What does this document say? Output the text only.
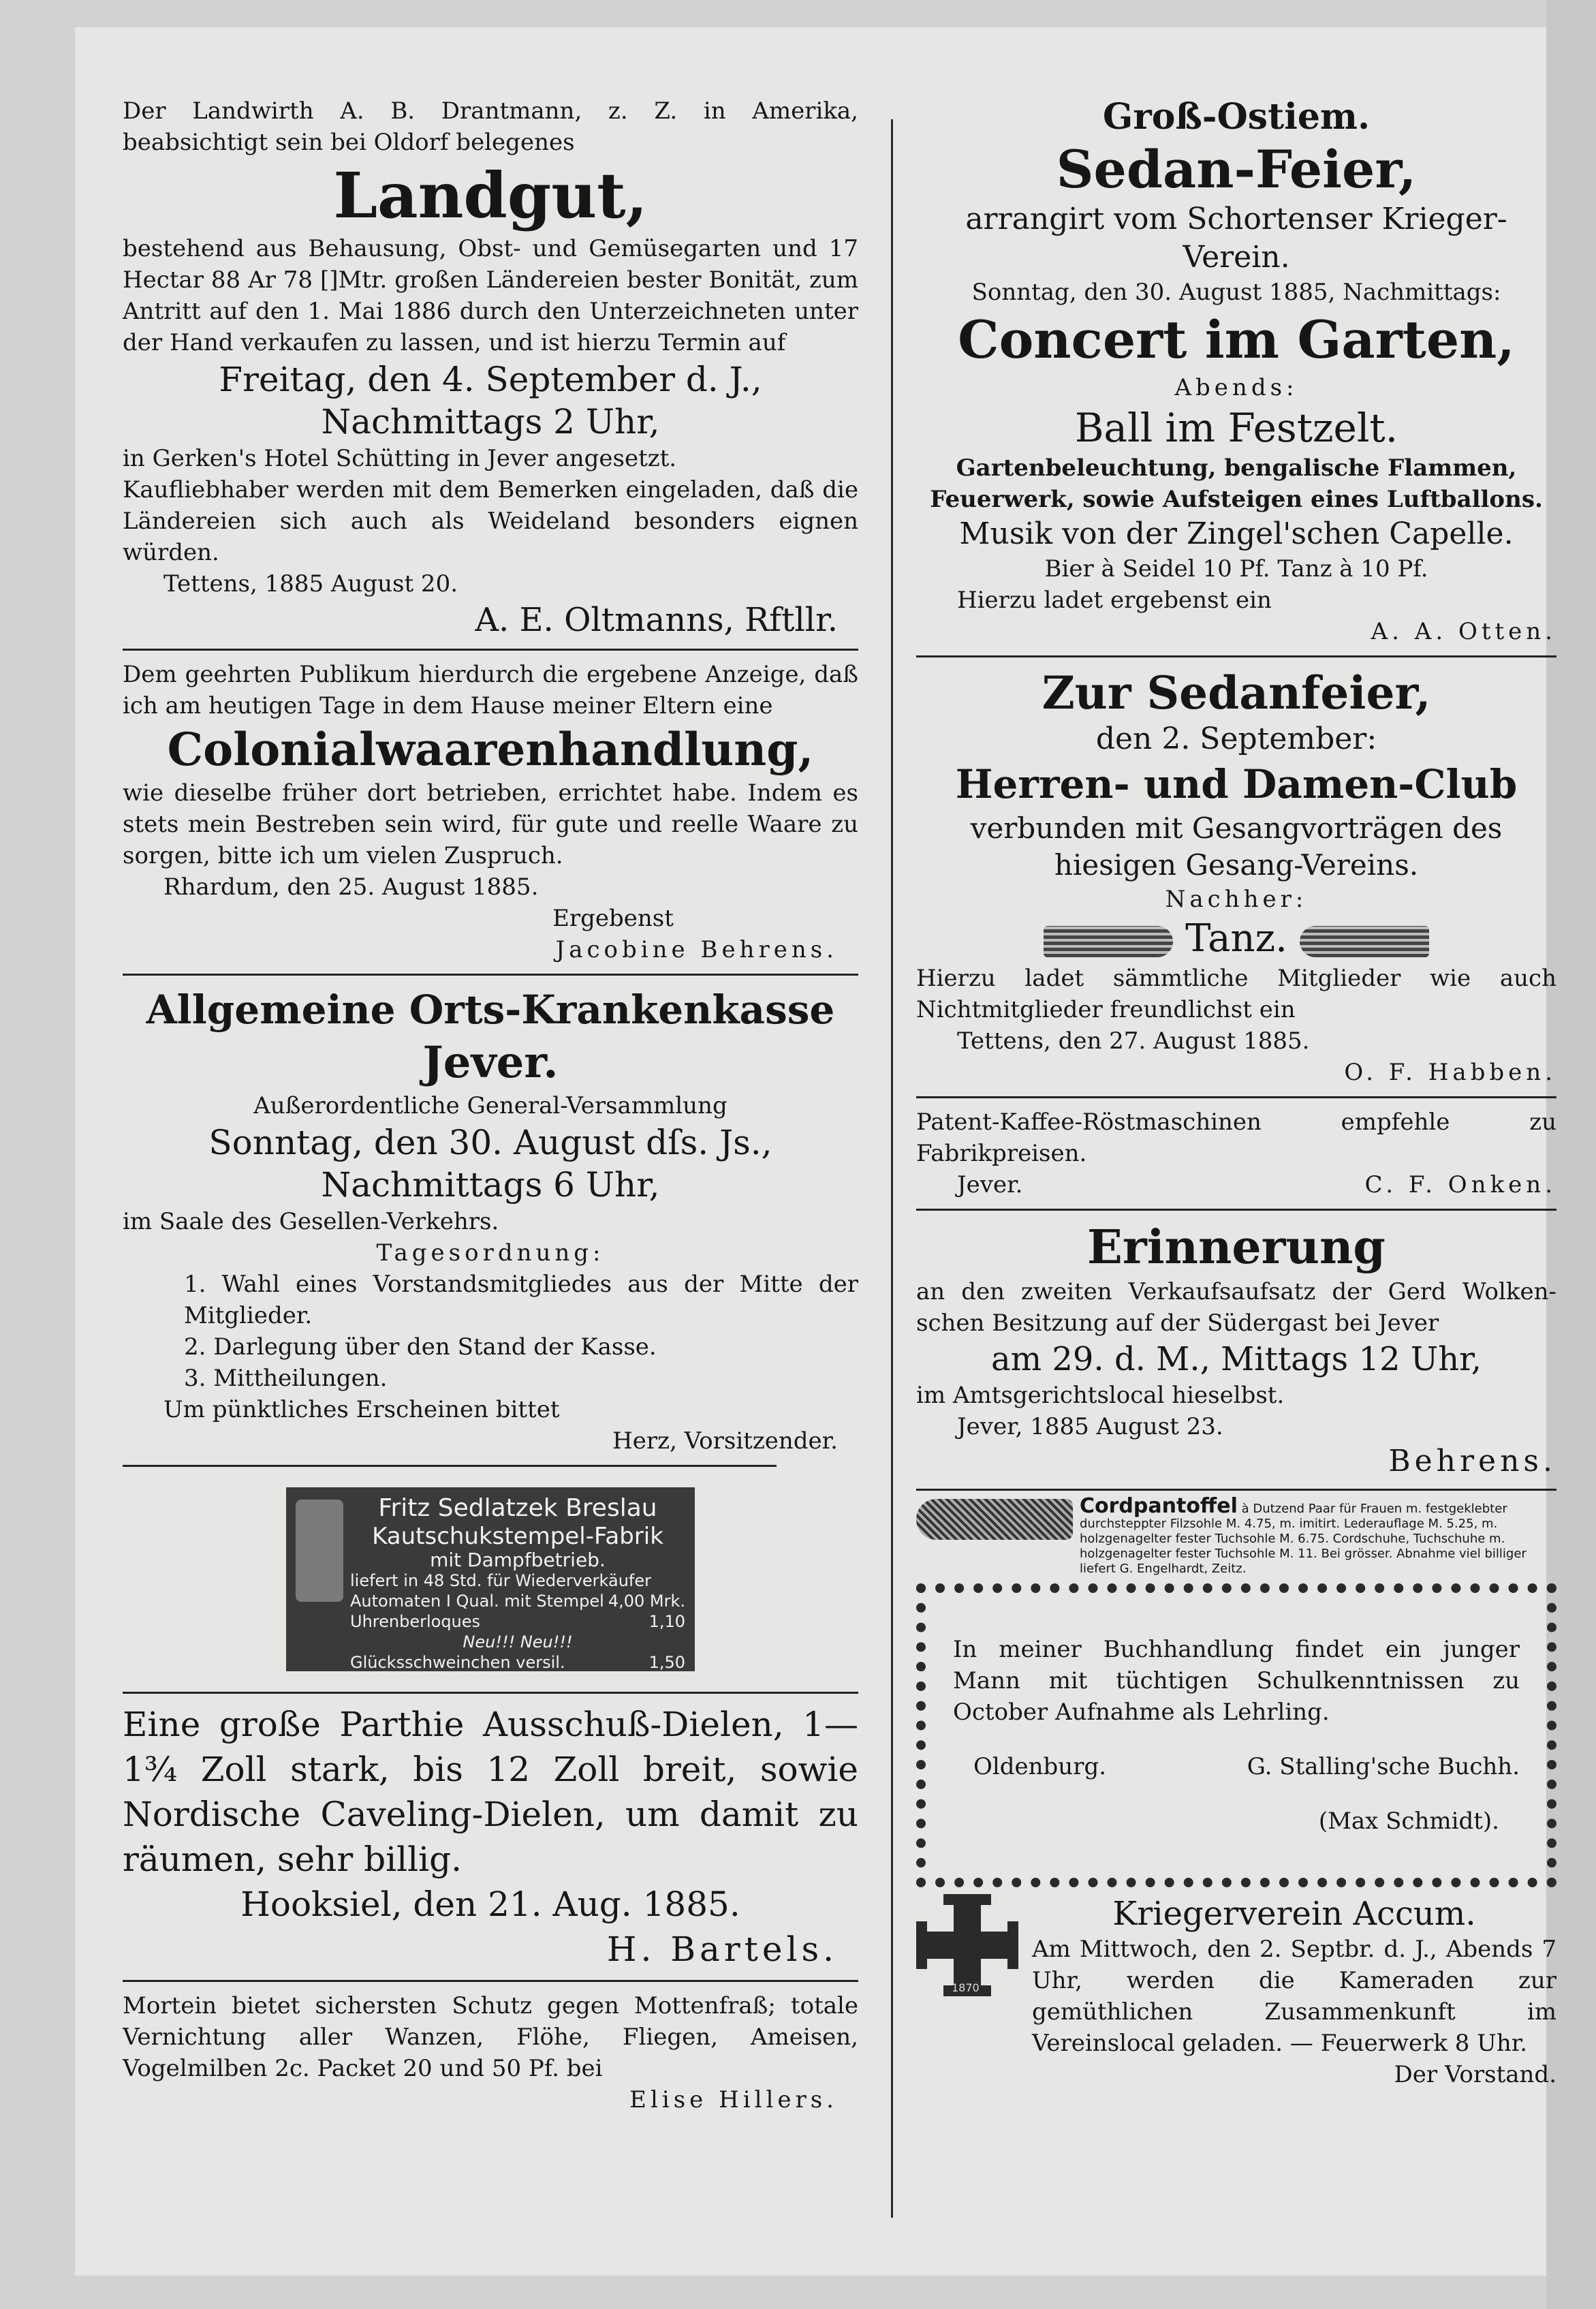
Der Landwirth A. B. Drantmann, z. Z. in Amerika, beabsichtigt sein bei Oldorf belegenes

Landgut,

bestehend aus Behausung, Obst- und Gemüsegarten und 17 Hectar 88 Ar 78 []Mtr. großen Ländereien bester Bonität, zum Antritt auf den 1. Mai 1886 durch den Unterzeichneten unter der Hand verkaufen zu lassen, und ist hierzu Termin auf

Freitag, den 4. September d. J.,

Nachmittags 2 Uhr,

in Gerken's Hotel Schütting in Jever angesetzt.

Kaufliebhaber werden mit dem Bemerken eingeladen, daß die Ländereien sich auch als Weideland besonders eignen würden.

Tettens, 1885 August 20.

A. E. Oltmanns, Rftllr.

Dem geehrten Publikum hierdurch die ergebene Anzeige, daß ich am heutigen Tage in dem Hause meiner Eltern eine

Colonialwaarenhandlung,

wie dieselbe früher dort betrieben, errichtet habe. Indem es stets mein Bestreben sein wird, für gute und reelle Waare zu sorgen, bitte ich um vielen Zuspruch.

Rhardum, den 25. August 1885.

Ergebenst

Jacobine Behrens.

Allgemeine Orts-Krankenkasse

Jever.

Außerordentliche General-Versammlung

Sonntag, den 30. August dſs. Js.,

Nachmittags 6 Uhr,

im Saale des Gesellen-Verkehrs.

Tagesordnung:

1. Wahl eines Vorstandsmitgliedes aus der Mitte der Mitglieder.

2. Darlegung über den Stand der Kasse.

3. Mittheilungen.

Um pünktliches Erscheinen bittet

Herz, Vorsitzender.

Fritz Sedlatzek Breslau
Kautschukstempel-Fabrik
mit Dampfbetrieb.
liefert in 48 Std. für Wiederverkäufer
Automaten I Qual. mit Stempel 4,00 Mrk.
Uhrenberloques	1,10
Neu!!! Neu!!!
Glücksschweinchen versil.	1,50

Eine große Parthie Ausschuß-Dielen, 1—1¾ Zoll stark, bis 12 Zoll breit, sowie Nordische Caveling-Dielen, um damit zu räumen, sehr billig.

Hooksiel, den 21. Aug. 1885.

H. Bartels.

Mortein bietet sichersten Schutz gegen Mottenfraß; totale Vernichtung aller Wanzen, Flöhe, Fliegen, Ameisen, Vogelmilben 2c. Packet 20 und 50 Pf. bei

Elise Hillers.

Groß-Ostiem.

Sedan-Feier,

arrangirt vom Schortenser Krieger-Verein.

Sonntag, den 30. August 1885, Nachmittags:

Concert im Garten,

Abends:

Ball im Festzelt.

Gartenbeleuchtung, bengalische Flammen, Feuerwerk, sowie Aufsteigen eines Luftballons.

Musik von der Zingel'schen Capelle.

Bier à Seidel 10 Pf. Tanz à 10 Pf.

Hierzu ladet ergebenst ein

A. A. Otten.

Zur Sedanfeier,

den 2. September:

Herren- und Damen-Club

verbunden mit Gesangvorträgen des hiesigen Gesang-Vereins.

Nachher:

Tanz.

Hierzu ladet sämmtliche Mitglieder wie auch Nichtmitglieder freundlichst ein

Tettens, den 27. August 1885.

O. F. Habben.

Patent-Kaffee-Röstmaschinen empfehle zu Fabrikpreisen.

Jever.	C. F. Onken.

Erinnerung

an den zweiten Verkaufsaufsatz der Gerd Wolken-schen Besitzung auf der Südergast bei Jever

am 29. d. M., Mittags 12 Uhr,

im Amtsgerichtslocal hieselbst.

Jever, 1885 August 23.

Behrens.

Cordpantoffel à Dutzend Paar für Frauen m. festgeklebter durchsteppter Filzsohle M. 4.75, m. imitirt. Lederauflage M. 5.25, m. holzgenagelter fester Tuchsohle M. 6.75. Cordschuhe, Tuchschuhe m. holzgenagelter fester Tuchsohle M. 11. Bei grösser. Abnahme viel billiger liefert G. Engelhardt, Zeitz.

In meiner Buchhandlung findet ein junger Mann mit tüchtigen Schulkenntnissen zu October Aufnahme als Lehrling.

Oldenburg.	G. Stalling'sche Buchh.

(Max Schmidt).

1870

Kriegerverein Accum.

Am Mittwoch, den 2. Septbr. d. J., Abends 7 Uhr, werden die Kameraden zur gemüthlichen Zusammenkunft im Vereinslocal geladen. — Feuerwerk 8 Uhr.

Der Vorstand.
